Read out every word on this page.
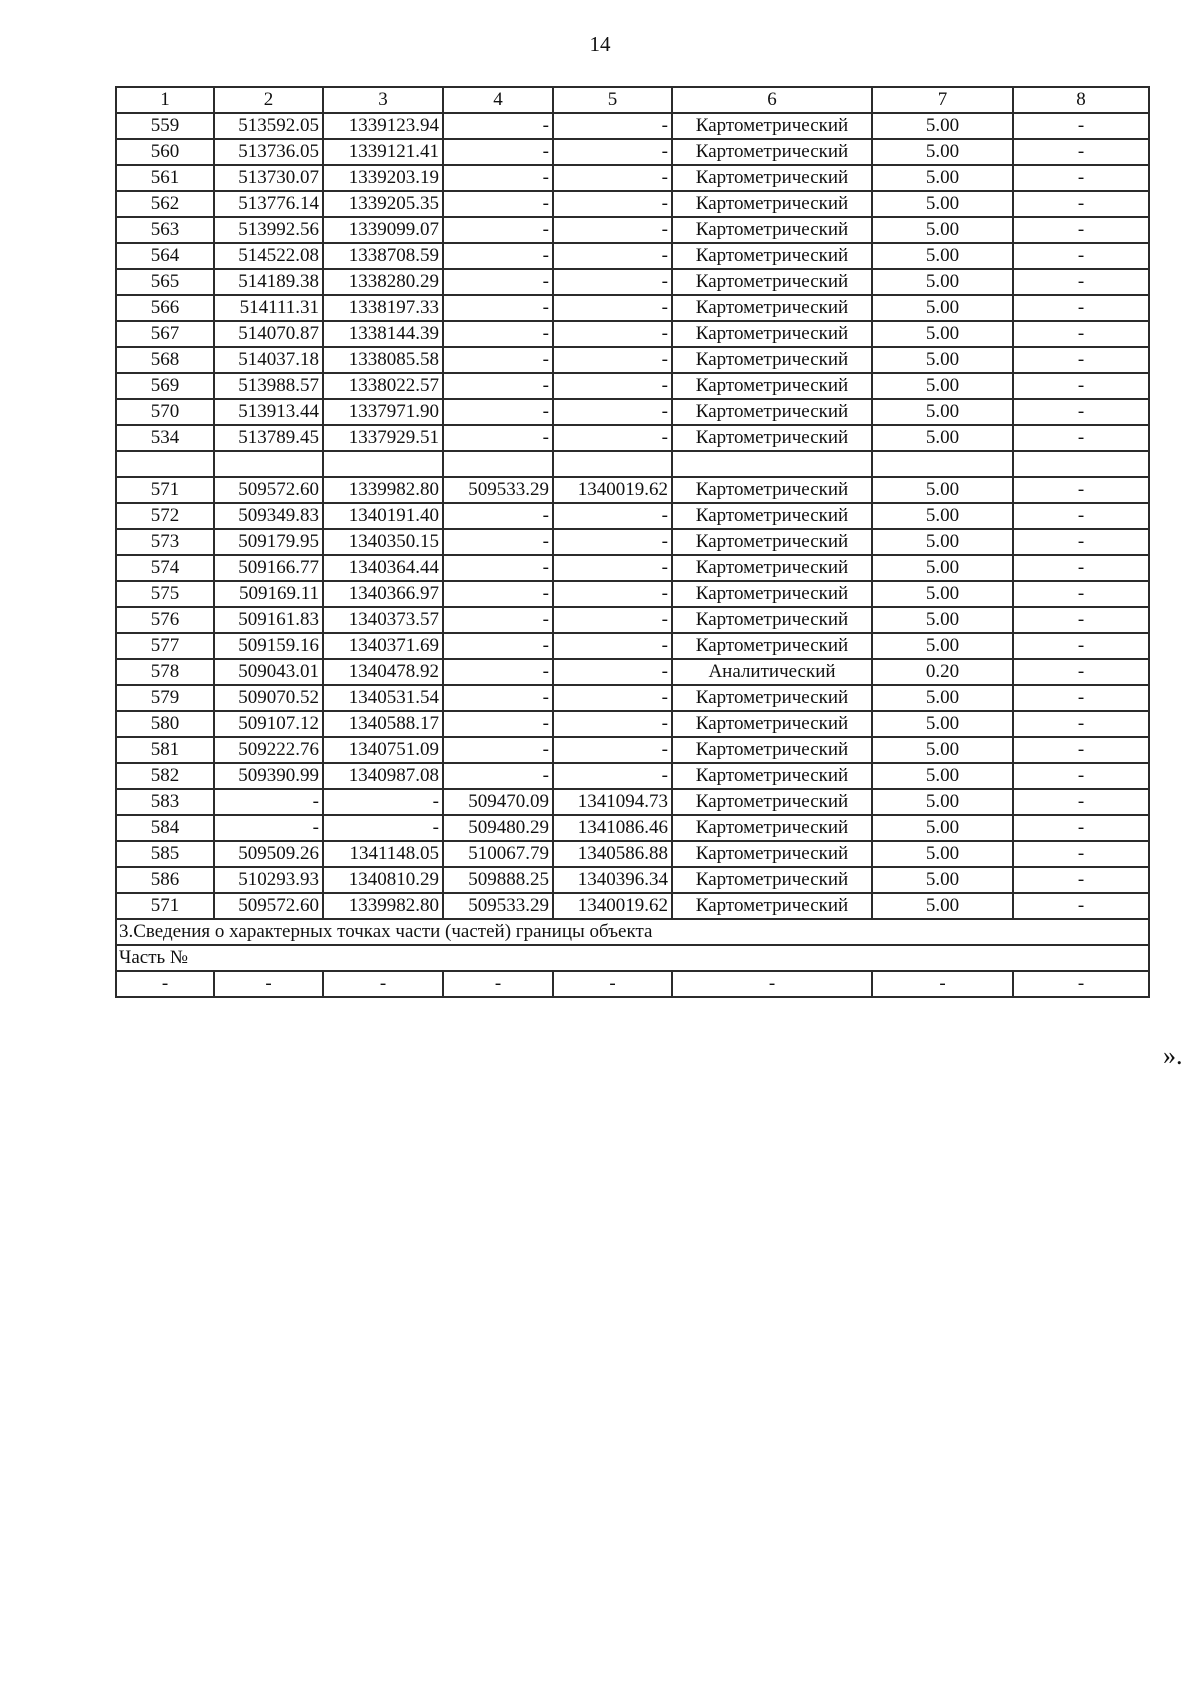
14
1	2	3	4	5	6	7	8
559	513592.05	1339123.94	-	-	Картометрический	5.00	-
560	513736.05	1339121.41	-	-	Картометрический	5.00	-
561	513730.07	1339203.19	-	-	Картометрический	5.00	-
562	513776.14	1339205.35	-	-	Картометрический	5.00	-
563	513992.56	1339099.07	-	-	Картометрический	5.00	-
564	514522.08	1338708.59	-	-	Картометрический	5.00	-
565	514189.38	1338280.29	-	-	Картометрический	5.00	-
566	514111.31	1338197.33	-	-	Картометрический	5.00	-
567	514070.87	1338144.39	-	-	Картометрический	5.00	-
568	514037.18	1338085.58	-	-	Картометрический	5.00	-
569	513988.57	1338022.57	-	-	Картометрический	5.00	-
570	513913.44	1337971.90	-	-	Картометрический	5.00	-
534	513789.45	1337929.51	-	-	Картометрический	5.00	-

571	509572.60	1339982.80	509533.29	1340019.62	Картометрический	5.00	-
572	509349.83	1340191.40	-	-	Картометрический	5.00	-
573	509179.95	1340350.15	-	-	Картометрический	5.00	-
574	509166.77	1340364.44	-	-	Картометрический	5.00	-
575	509169.11	1340366.97	-	-	Картометрический	5.00	-
576	509161.83	1340373.57	-	-	Картометрический	5.00	-
577	509159.16	1340371.69	-	-	Картометрический	5.00	-
578	509043.01	1340478.92	-	-	Аналитический	0.20	-
579	509070.52	1340531.54	-	-	Картометрический	5.00	-
580	509107.12	1340588.17	-	-	Картометрический	5.00	-
581	509222.76	1340751.09	-	-	Картометрический	5.00	-
582	509390.99	1340987.08	-	-	Картометрический	5.00	-
583	-	-	509470.09	1341094.73	Картометрический	5.00	-
584	-	-	509480.29	1341086.46	Картометрический	5.00	-
585	509509.26	1341148.05	510067.79	1340586.88	Картометрический	5.00	-
586	510293.93	1340810.29	509888.25	1340396.34	Картометрический	5.00	-
571	509572.60	1339982.80	509533.29	1340019.62	Картометрический	5.00	-
3.Сведения о характерных точках части (частей) границы объекта							
Часть №							
-	-	-	-	-	-	-	-
».
